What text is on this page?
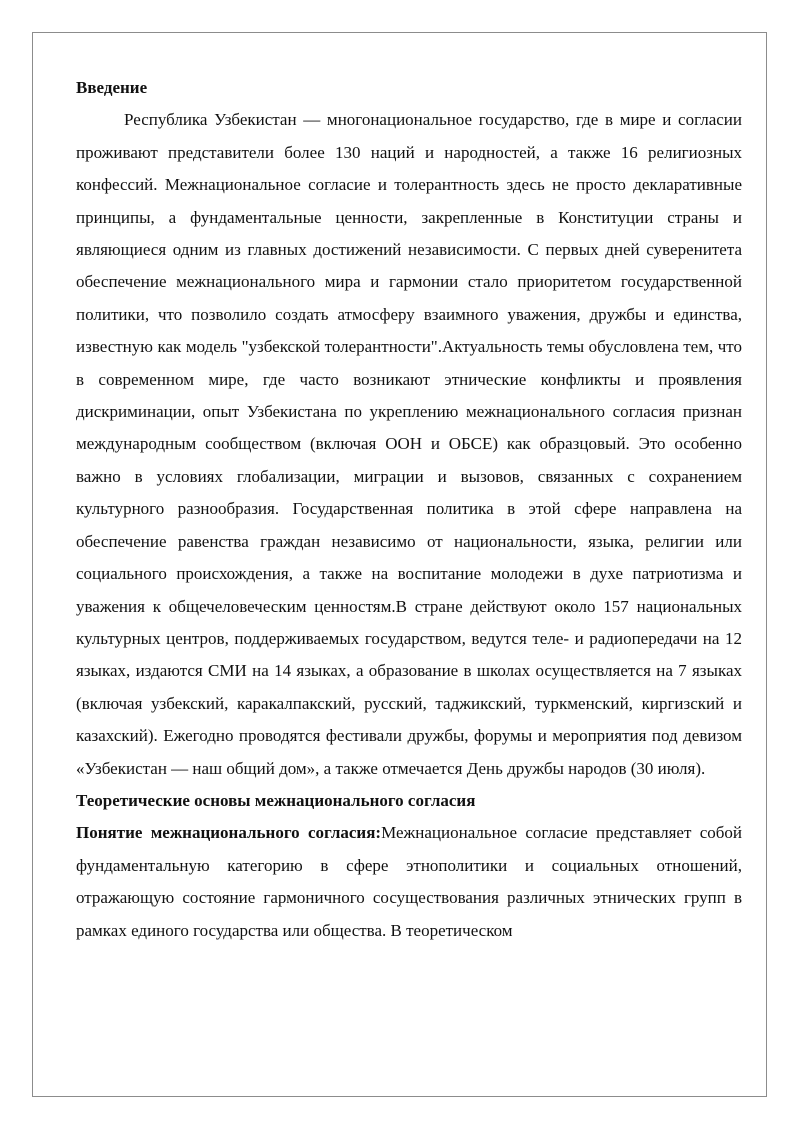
Введение

Республика Узбекистан — многонациональное государство, где в мире и согласии проживают представители более 130 наций и народностей, а также 16 религиозных конфессий. Межнациональное согласие и толерантность здесь не просто декларативные принципы, а фундаментальные ценности, закрепленные в Конституции страны и являющиеся одним из главных достижений независимости. С первых дней суверенитета обеспечение межнационального мира и гармонии стало приоритетом государственной политики, что позволило создать атмосферу взаимного уважения, дружбы и единства, известную как модель "узбекской толерантности".Актуальность темы обусловлена тем, что в современном мире, где часто возникают этнические конфликты и проявления дискриминации, опыт Узбекистана по укреплению межнационального согласия признан международным сообществом (включая ООН и ОБСЕ) как образцовый. Это особенно важно в условиях глобализации, миграции и вызовов, связанных с сохранением культурного разнообразия. Государственная политика в этой сфере направлена на обеспечение равенства граждан независимо от национальности, языка, религии или социального происхождения, а также на воспитание молодежи в духе патриотизма и уважения к общечеловеческим ценностям.В стране действуют около 157 национальных культурных центров, поддерживаемых государством, ведутся теле- и радиопередачи на 12 языках, издаются СМИ на 14 языках, а образование в школах осуществляется на 7 языках (включая узбекский, каракалпакский, русский, таджикский, туркменский, киргизский и казахский). Ежегодно проводятся фестивали дружбы, форумы и мероприятия под девизом «Узбекистан — наш общий дом», а также отмечается День дружбы народов (30 июля).

Теоретические основы межнационального согласия

Понятие межнационального согласия:Межнациональное согласие представляет собой фундаментальную категорию в сфере этнополитики и социальных отношений, отражающую состояние гармоничного сосуществования различных этнических групп в рамках единого государства или общества. В теоретическом
